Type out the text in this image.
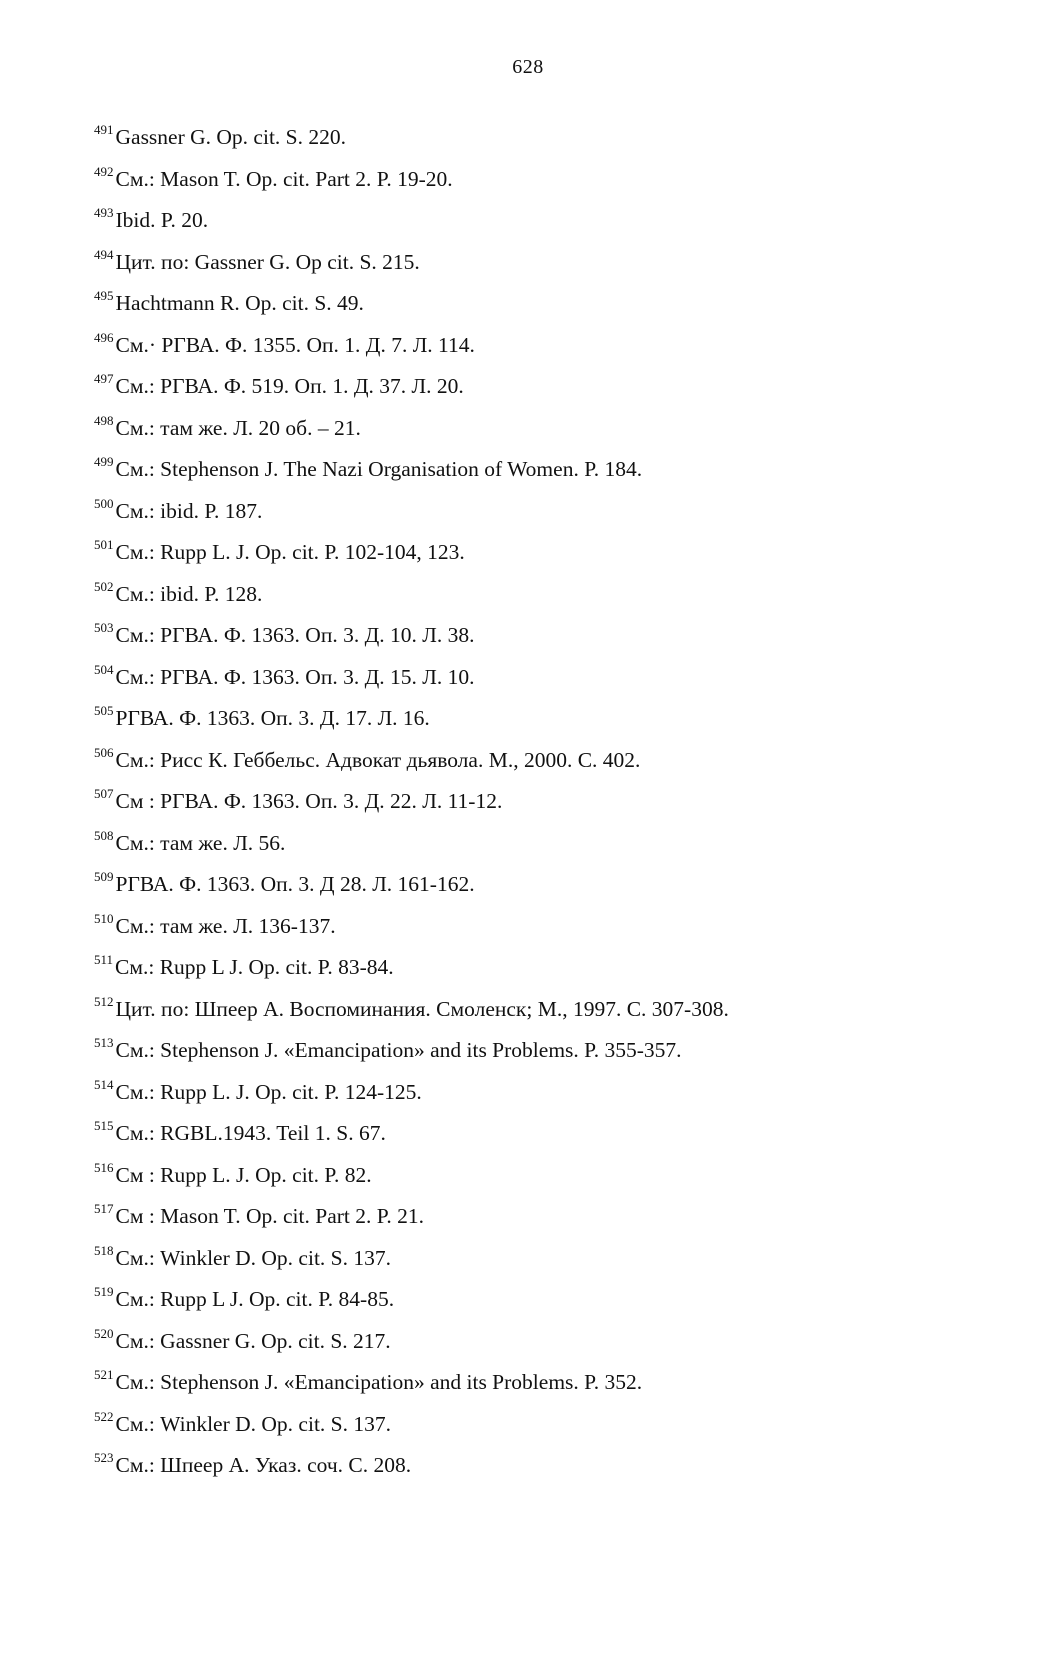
628
$^{491}$Gassner G. Op. cit. S. 220.
$^{492}$См.: Mason T. Op. cit. Part 2. P. 19-20.
$^{493}$Ibid. P. 20.
$^{494}$Цит. по: Gassner G. Op cit. S. 215.
$^{495}$Hachtmann R. Op. cit. S. 49.
$^{496}$См.· РГВА. Ф. 1355. Оп. 1. Д. 7. Л. 114.
$^{497}$См.: РГВА. Ф. 519. Оп. 1. Д. 37. Л. 20.
$^{498}$См.: там же. Л. 20 об. – 21.
$^{499}$См.: Stephenson J. The Nazi Organisation of Women. P. 184.
$^{500}$См.: ibid. P. 187.
$^{501}$См.: Rupp L. J. Op. cit. P. 102-104, 123.
$^{502}$См.: ibid. P. 128.
$^{503}$См.: РГВА. Ф. 1363. Оп. 3. Д. 10. Л. 38.
$^{504}$См.: РГВА. Ф. 1363. Оп. 3. Д. 15. Л. 10.
$^{505}$РГВА. Ф. 1363. Оп. 3. Д. 17. Л. 16.
$^{506}$См.: Рисс К. Геббельс. Адвокат дьявола. М., 2000. С. 402.
$^{507}$См : РГВА. Ф. 1363. Оп. 3. Д. 22. Л. 11-12.
$^{508}$См.: там же. Л. 56.
$^{509}$РГВА. Ф. 1363. Оп. 3. Д 28. Л. 161-162.
$^{510}$См.: там же. Л. 136-137.
$^{511}$См.: Rupp L J. Op. cit. P. 83-84.
$^{512}$Цит. по: Шпеер А. Воспоминания. Смоленск; М., 1997. С. 307-308.
$^{513}$См.: Stephenson J. «Emancipation» and its Problems. P. 355-357.
$^{514}$См.: Rupp L. J. Op. cit. P. 124-125.
$^{515}$См.: RGBL.1943. Teil 1. S. 67.
$^{516}$См : Rupp L. J. Op. cit. P. 82.
$^{517}$См : Mason T. Op. cit. Part 2. P. 21.
$^{518}$См.: Winkler D. Op. cit. S. 137.
$^{519}$См.: Rupp L J. Op. cit. P. 84-85.
$^{520}$См.: Gassner G. Op. cit. S. 217.
$^{521}$См.: Stephenson J. «Emancipation» and its Problems. P. 352.
$^{522}$См.: Winkler D. Op. cit. S. 137.
$^{523}$См.: Шпеер А. Указ. соч. С. 208.
